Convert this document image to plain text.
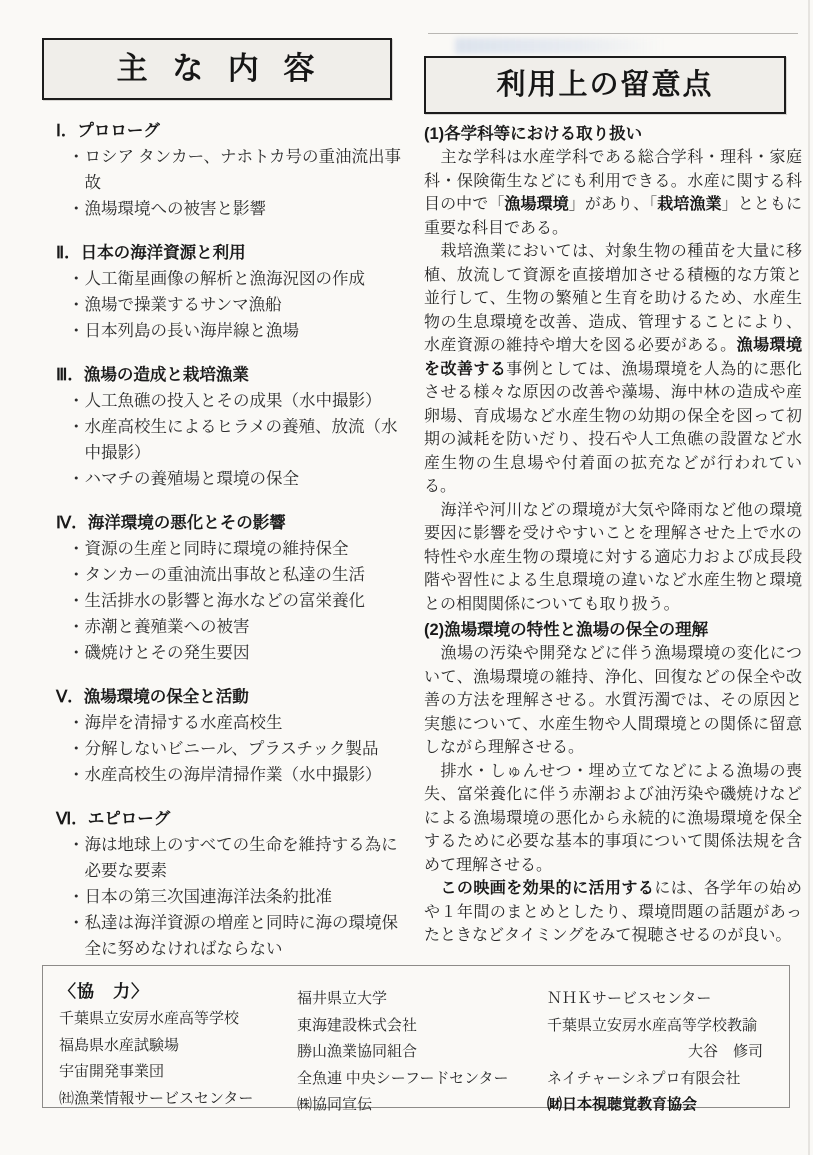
主 な 内 容
Ⅰ．プロローグ
・ ロシア タンカー、ナホトカ号の重油流出事故
・ 漁場環境への被害と影響
Ⅱ．日本の海洋資源と利用
・ 人工衛星画像の解析と漁海況図の作成
・ 漁場で操業するサンマ漁船
・ 日本列島の長い海岸線と漁場
Ⅲ．漁場の造成と栽培漁業
・ 人工魚礁の投入とその成果（水中撮影）
・ 水産高校生によるヒラメの養殖、放流（水中撮影）
・ ハマチの養殖場と環境の保全
Ⅳ．海洋環境の悪化とその影響
・ 資源の生産と同時に環境の維持保全
・ タンカーの重油流出事故と私達の生活
・ 生活排水の影響と海水などの富栄養化
・ 赤潮と養殖業への被害
・ 磯焼けとその発生要因
Ⅴ．漁場環境の保全と活動
・ 海岸を清掃する水産高校生
・ 分解しないビニール、プラスチック製品
・ 水産高校生の海岸清掃作業（水中撮影）
Ⅵ．エピローグ
・ 海は地球上のすべての生命を維持する為に必要な要素
・ 日本の第三次国連海洋法条約批准
・ 私達は海洋資源の増産と同時に海の環境保全に努めなければならない
利用上の留意点
(1)各学科等における取り扱い

　主な学科は水産学科である総合学科・理科・家庭科・保険衛生などにも利用できる。水産に関する科目の中で「漁場環境」があり、「栽培漁業」とともに重要な科目である。

　栽培漁業においては、対象生物の種苗を大量に移植、放流して資源を直接増加させる積極的な方策と並行して、生物の繁殖と生育を助けるため、水産生物の生息環境を改善、造成、管理することにより、水産資源の維持や増大を図る必要がある。漁場環境を改善する事例としては、漁場環境を人為的に悪化させる様々な原因の改善や藻場、海中林の造成や産卵場、育成場など水産生物の幼期の保全を図って初期の減耗を防いだり、投石や人工魚礁の設置など水産生物の生息場や付着面の拡充などが行われている。

　海洋や河川などの環境が大気や降雨など他の環境要因に影響を受けやすいことを理解させた上で水の特性や水産生物の環境に対する適応力および成長段階や習性による生息環境の違いなど水産生物と環境との相関関係についても取り扱う。

(2)漁場環境の特性と漁場の保全の理解

　漁場の汚染や開発などに伴う漁場環境の変化について、漁場環境の維持、浄化、回復などの保全や改善の方法を理解させる。水質汚濁では、その原因と実態について、水産生物や人間環境との関係に留意しながら理解させる。

　排水・しゅんせつ・埋め立てなどによる漁場の喪失、富栄養化に伴う赤潮および油汚染や磯焼けなどによる漁場環境の悪化から永続的に漁場環境を保全するために必要な基本的事項について関係法規を含めて理解させる。

　この映画を効果的に活用するには、各学年の始めや１年間のまとめとしたり、環境問題の話題があったときなどタイミングをみて視聴させるのが良い。

〈協　力〉
千葉県立安房水産高等学校
福島県水産試験場
宇宙開発事業団
㈳漁業情報サービスセンター
福井県立大学
東海建設株式会社
勝山漁業協同組合
全魚連 中央シーフードセンター
㈱協同宣伝
ＮＨＫサービスセンター
千葉県立安房水産高等学校教諭
大谷　修司
ネイチャーシネプロ有限会社
㈶日本視聴覚教育協会
